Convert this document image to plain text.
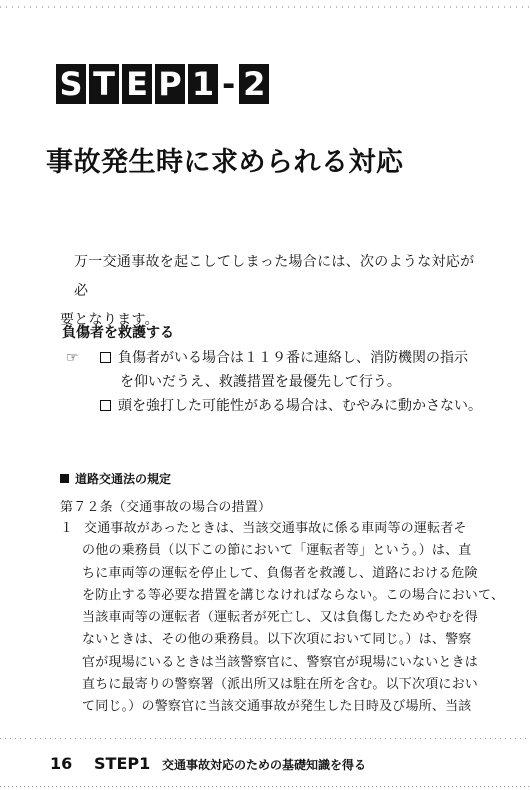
S T E P 1 - 2
事故発生時に求められる対応
万一交通事故を起こしてしまった場合には、次のような対応が必
要となります。
負傷者を救護する
☞	負傷者がいる場合は１１９番に連絡し、消防機関の指示
を仰いだうえ、救護措置を最優先して行う。
頭を強打した可能性がある場合は、むやみに動かさない。
道路交通法の規定
第７２条（交通事故の場合の措置）
１ 交通事故があったときは、当該交通事故に係る車両等の運転者そ
の他の乗務員（以下この節において「運転者等」という。）は、直
ちに車両等の運転を停止して、負傷者を救護し、道路における危険
を防止する等必要な措置を講じなければならない。この場合において、
当該車両等の運転者（運転者が死亡し、又は負傷したためやむを得
ないときは、その他の乗務員。以下次項において同じ。）は、警察
官が現場にいるときは当該警察官に、警察官が現場にいないときは
直ちに最寄りの警察署（派出所又は駐在所を含む。以下次項におい
て同じ。）の警察官に当該交通事故が発生した日時及び場所、当該
16	STEP1 交通事故対応のための基礎知識を得る
